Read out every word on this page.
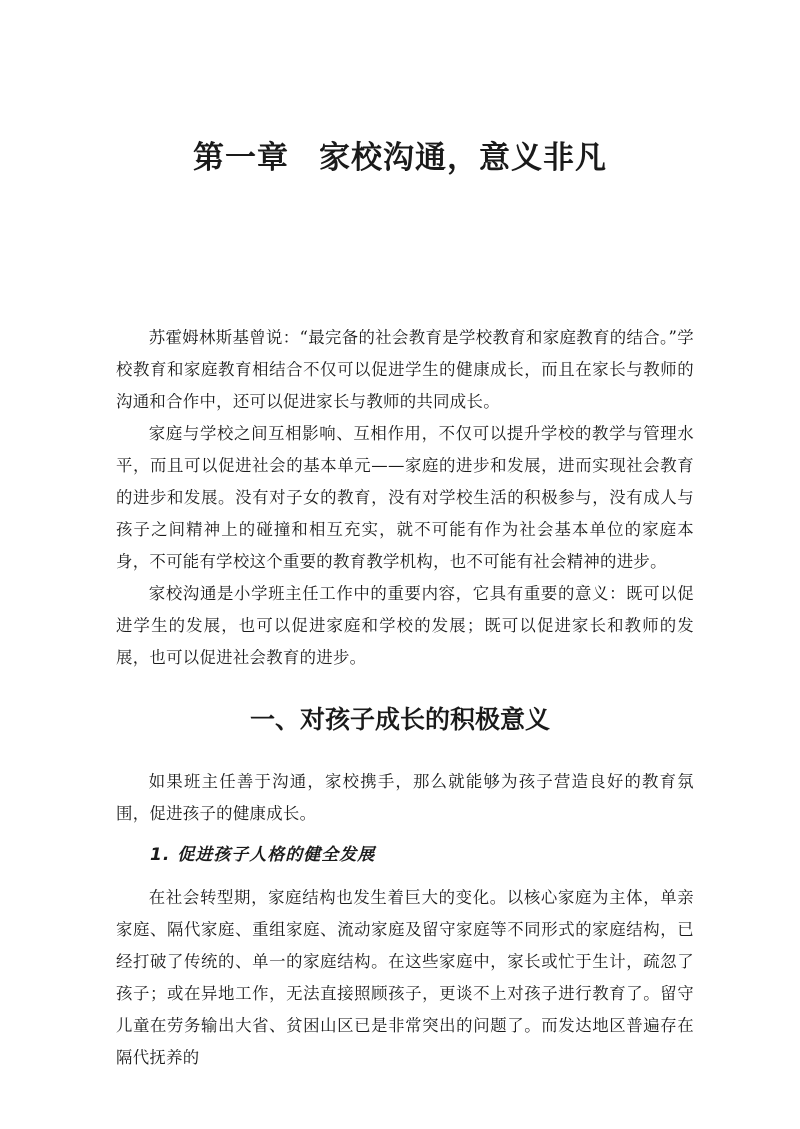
第一章 家校沟通，意义非凡

苏霍姆林斯基曾说：“最完备的社会教育是学校教育和家庭教育的结合。”学校教育和家庭教育相结合不仅可以促进学生的健康成长，而且在家长与教师的沟通和合作中，还可以促进家长与教师的共同成长。

家庭与学校之间互相影响、互相作用，不仅可以提升学校的教学与管理水平，而且可以促进社会的基本单元——家庭的进步和发展，进而实现社会教育的进步和发展。没有对子女的教育，没有对学校生活的积极参与，没有成人与孩子之间精神上的碰撞和相互充实，就不可能有作为社会基本单位的家庭本身，不可能有学校这个重要的教育教学机构，也不可能有社会精神的进步。

家校沟通是小学班主任工作中的重要内容，它具有重要的意义：既可以促进学生的发展，也可以促进家庭和学校的发展；既可以促进家长和教师的发展，也可以促进社会教育的进步。

一、对孩子成长的积极意义

如果班主任善于沟通，家校携手，那么就能够为孩子营造良好的教育氛围，促进孩子的健康成长。

1. 促进孩子人格的健全发展

在社会转型期，家庭结构也发生着巨大的变化。以核心家庭为主体，单亲家庭、隔代家庭、重组家庭、流动家庭及留守家庭等不同形式的家庭结构，已经打破了传统的、单一的家庭结构。在这些家庭中，家长或忙于生计，疏忽了孩子；或在异地工作，无法直接照顾孩子，更谈不上对孩子进行教育了。留守儿童在劳务输出大省、贫困山区已是非常突出的问题了。而发达地区普遍存在隔代抚养的
